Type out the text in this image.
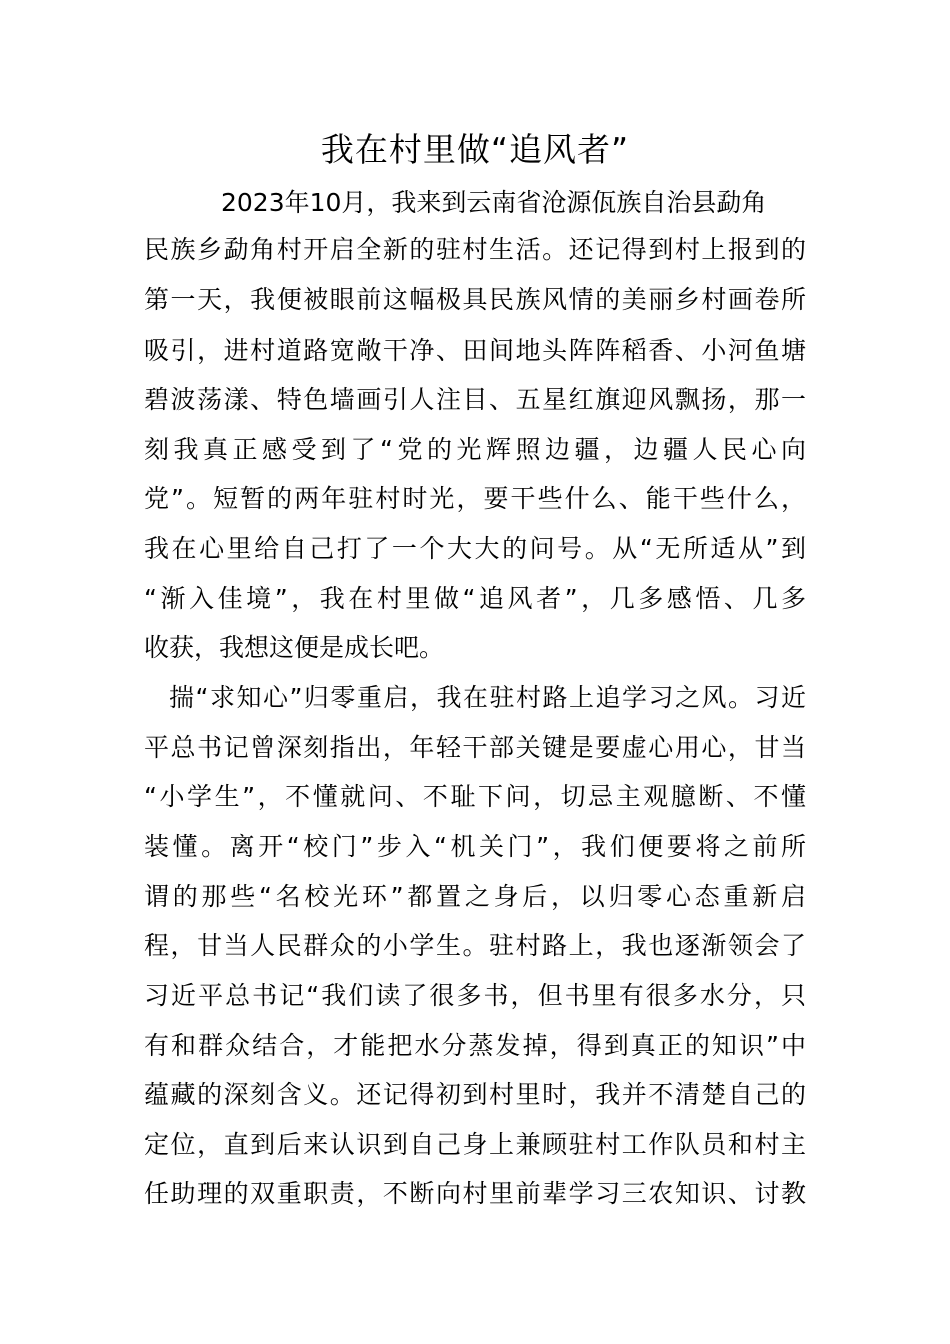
我在村里做“追风者”

2023年10月，我来到云南省沧源佤族自治县勐角

民族乡勐角村开启全新的驻村生活。还记得到村上报到的

第一天，我便被眼前这幅极具民族风情的美丽乡村画卷所

吸引，进村道路宽敞干净、田间地头阵阵稻香、小河鱼塘

碧波荡漾、特色墙画引人注目、五星红旗迎风飘扬，那一

刻我真正感受到了“党的光辉照边疆，边疆人民心向

党”。短暂的两年驻村时光，要干些什么、能干些什么，

我在心里给自己打了一个大大的问号。从“无所适从”到

“渐入佳境”，我在村里做“追风者”，几多感悟、几多

收获，我想这便是成长吧。

揣“求知心”归零重启，我在驻村路上追学习之风。习近

平总书记曾深刻指出，年轻干部关键是要虚心用心，甘当

“小学生”，不懂就问、不耻下问，切忌主观臆断、不懂

装懂。离开“校门”步入“机关门”，我们便要将之前所

谓的那些“名校光环”都置之身后，以归零心态重新启

程，甘当人民群众的小学生。驻村路上，我也逐渐领会了

习近平总书记“我们读了很多书，但书里有很多水分，只

有和群众结合，才能把水分蒸发掉，得到真正的知识”中

蕴藏的深刻含义。还记得初到村里时，我并不清楚自己的

定位，直到后来认识到自己身上兼顾驻村工作队员和村主

任助理的双重职责，不断向村里前辈学习三农知识、讨教
